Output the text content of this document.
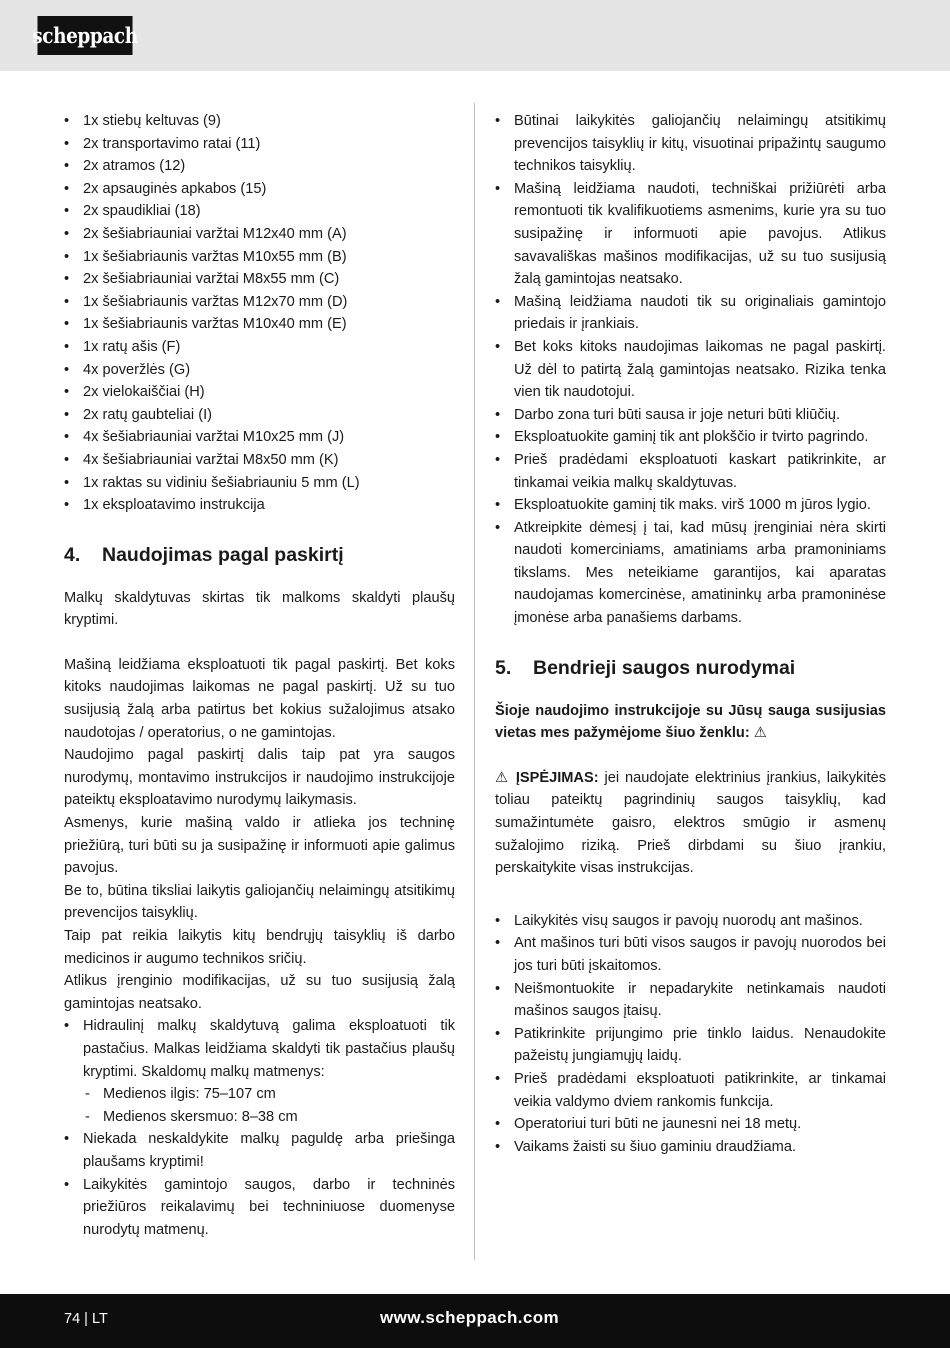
scheppach
• 1x stiebų keltuvas (9)
• 2x transportavimo ratai (11)
• 2x atramos (12)
• 2x apsauginės apkabos (15)
• 2x spaudikliai (18)
• 2x šešiabriauniai varžtai M12x40 mm (A)
• 1x šešiabriaunis varžtas M10x55 mm (B)
• 2x šešiabriauniai varžtai M8x55 mm (C)
• 1x šešiabriaunis varžtas M12x70 mm (D)
• 1x šešiabriaunis varžtas M10x40 mm (E)
• 1x ratų ašis (F)
• 4x poveržlės (G)
• 2x vielokaiščiai (H)
• 2x ratų gaubteliai (I)
• 4x šešiabriauniai varžtai M10x25 mm (J)
• 4x šešiabriauniai varžtai M8x50 mm (K)
• 1x raktas su vidiniu šešiabriauniu 5 mm (L)
• 1x eksploatavimo instrukcija
4. Naudojimas pagal paskirtį

Malkų skaldytuvas skirtas tik malkoms skaldyti plaušų kryptimi.

Mašiną leidžiama eksploatuoti tik pagal paskirtį. Bet koks kitoks naudojimas laikomas ne pagal paskirtį. Už su tuo susijusią žalą arba patirtus bet kokius sužalojimus atsako naudotojas / operatorius, o ne gamintojas.

Naudojimo pagal paskirtį dalis taip pat yra saugos nurodymų, montavimo instrukcijos ir naudojimo instrukcijoje pateiktų eksploatavimo nurodymų laikymasis.

Asmenys, kurie mašiną valdo ir atlieka jos techninę priežiūrą, turi būti su ja susipažinę ir informuoti apie galimus pavojus.

Be to, būtina tiksliai laikytis galiojančių nelaimingų atsitikimų prevencijos taisyklių.

Taip pat reikia laikytis kitų bendrųjų taisyklių iš darbo medicinos ir augumo technikos sričių.

Atlikus įrenginio modifikacijas, už su tuo susijusią žalą gamintojas neatsako.

• Hidraulinį malkų skaldytuvą galima eksploatuoti tik pastačius. Malkas leidžiama skaldyti tik pastačius plaušų kryptimi. Skaldomų malkų matmenys:
- Medienos ilgis: 75–107 cm
- Medienos skersmuo: 8–38 cm
• Niekada neskaldykite malkų paguldę arba priešinga plaušams kryptimi!
• Laikykitės gamintojo saugos, darbo ir techninės priežiūros reikalavimų bei techniniuose duomenyse nurodytų matmenų.
• Būtinai laikykitės galiojančių nelaimingų atsitikimų prevencijos taisyklių ir kitų, visuotinai pripažintų saugumo technikos taisyklių.
• Mašiną leidžiama naudoti, techniškai prižiūrėti arba remontuoti tik kvalifikuotiems asmenims, kurie yra su tuo susipažinę ir informuoti apie pavojus. Atlikus savavališkas mašinos modifikacijas, už su tuo susijusią žalą gamintojas neatsako.
• Mašiną leidžiama naudoti tik su originaliais gamintojo priedais ir įrankiais.
• Bet koks kitoks naudojimas laikomas ne pagal paskirtį. Už dėl to patirtą žalą gamintojas neatsako. Rizika tenka vien tik naudotojui.
• Darbo zona turi būti sausa ir joje neturi būti kliūčių.
• Eksploatuokite gaminį tik ant plokščio ir tvirto pagrindo.
• Prieš pradėdami eksploatuoti kaskart patikrinkite, ar tinkamai veikia malkų skaldytuvas.
• Eksploatuokite gaminį tik maks. virš 1000 m jūros lygio.
• Atkreipkite dėmesį į tai, kad mūsų įrenginiai nėra skirti naudoti komerciniams, amatiniams arba pramoniniams tikslams. Mes neteikiame garantijos, kai aparatas naudojamas komercinėse, amatininkų arba pramoninėse įmonėse arba panašiems darbams.
5. Bendrieji saugos nurodymai

Šioje naudojimo instrukcijoje su Jūsų sauga susijusias vietas mes pažymėjome šiuo ženklu: ⚠

⚠ ĮSPĖJIMAS: jei naudojate elektrinius įrankius, laikykitės toliau pateiktų pagrindinių saugos taisyklių, kad sumažintumėte gaisro, elektros smūgio ir asmenų sužalojimo riziką. Prieš dirbdami su šiuo įrankiu, perskaitykite visas instrukcijas.

• Laikykitės visų saugos ir pavojų nuorodų ant mašinos.
• Ant mašinos turi būti visos saugos ir pavojų nuorodos bei jos turi būti įskaitomos.
• Neišmontuokite ir nepadarykite netinkamais naudoti mašinos saugos įtaisų.
• Patikrinkite prijungimo prie tinklo laidus. Nenaudokite pažeistų jungiamųjų laidų.
• Prieš pradėdami eksploatuoti patikrinkite, ar tinkamai veikia valdymo dviem rankomis funkcija.
• Operatoriui turi būti ne jaunesni nei 18 metų.
• Vaikams žaisti su šiuo gaminiu draudžiama.
74 | LT	www.scheppach.com
